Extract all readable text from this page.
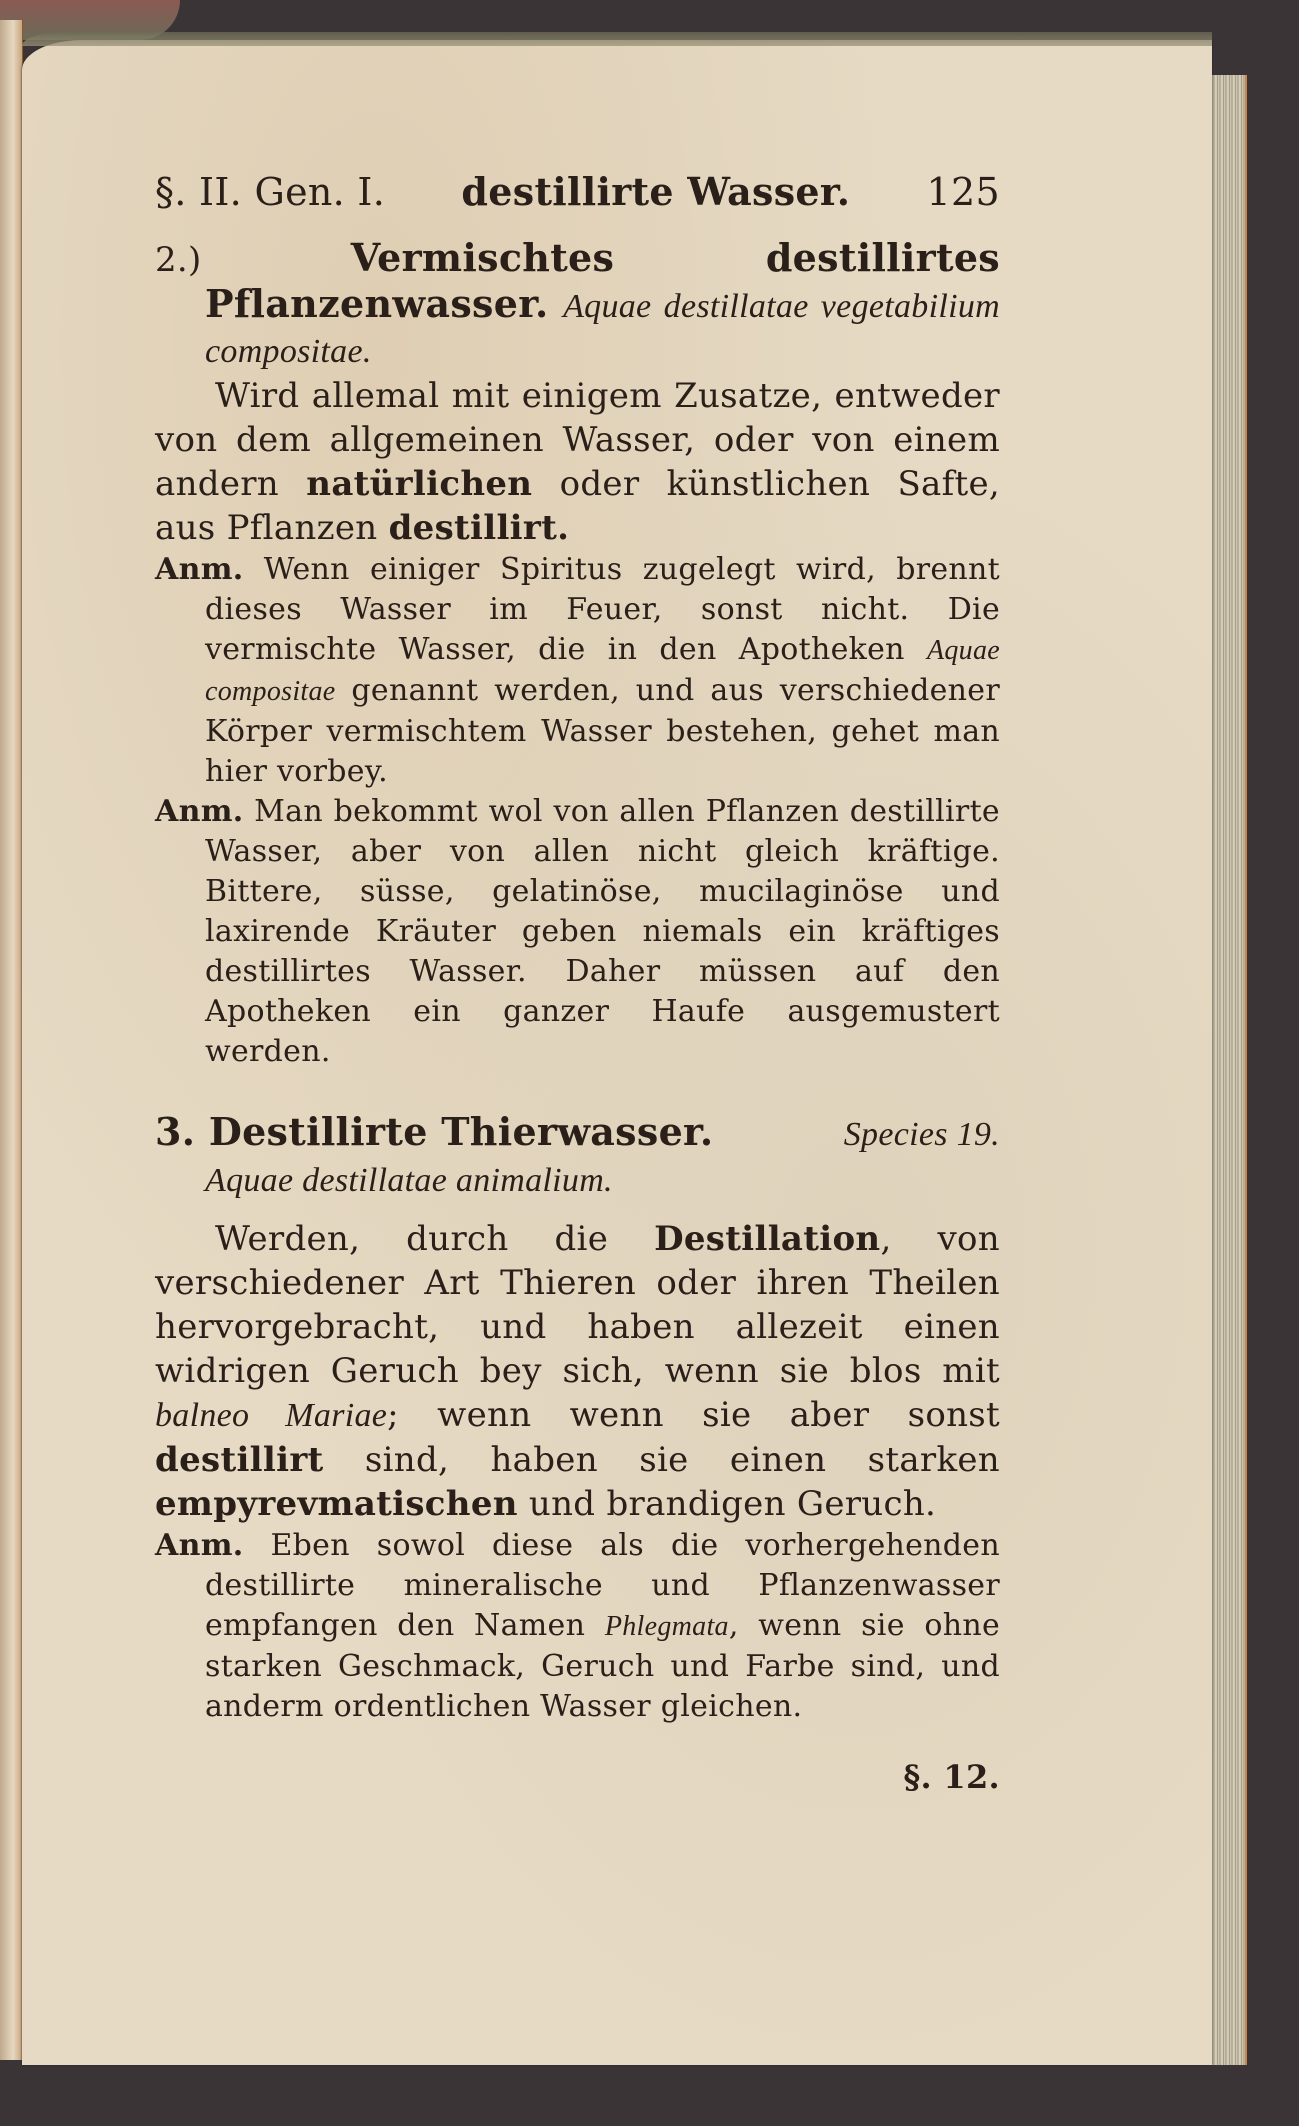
§. II. Gen. I. destillirte Wasser. 125

2.)	Vermischtes destillirtes Pflanzenwasser. Aquae destillatae vegetabilium compositae.

Wird allemal mit einigem Zusatze, entweder von dem allgemeinen Wasser, oder von einem andern natürlichen oder künstlichen Safte, aus Pflanzen destillirt.

Anm. Wenn einiger Spiritus zugelegt wird, brennt dieses Wasser im Feuer, sonst nicht. Die vermischte Wasser, die in den Apotheken Aquae compositae genannt werden, und aus verschiedener Körper vermischtem Wasser bestehen, gehet man hier vorbey.

Anm. Man bekommt wol von allen Pflanzen destillirte Wasser, aber von allen nicht gleich kräftige. Bittere, süsse, gelatinöse, mucilaginöse und laxirende Kräuter geben niemals ein kräftiges destillirtes Wasser. Daher müssen auf den Apotheken ein ganzer Haufe ausgemustert werden.

3. Destillirte Thierwasser.	Species 19.
Aquae destillatae animalium.

Werden, durch die Destillation, von verschiedener Art Thieren oder ihren Theilen hervorgebracht, und haben allezeit einen widrigen Geruch bey sich, wenn sie blos mit balneo Mariae; wenn wenn sie aber sonst destillirt sind, haben sie einen starken empyrevmatischen und brandigen Geruch.

Anm. Eben sowol diese als die vorhergehenden destillirte mineralische und Pflanzenwasser empfangen den Namen Phlegmata, wenn sie ohne starken Geschmack, Geruch und Farbe sind, und anderm ordentlichen Wasser gleichen.

§. 12.
